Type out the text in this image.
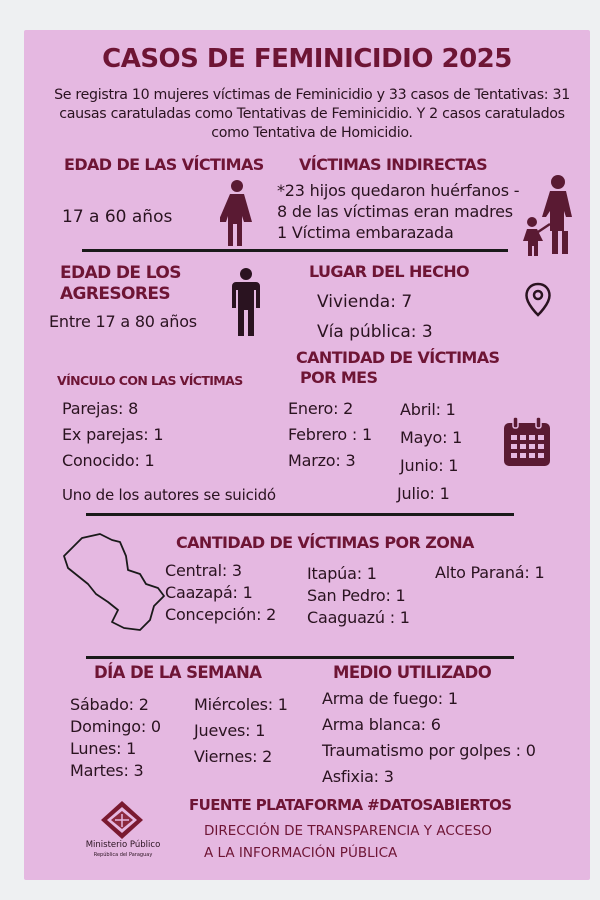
CASOS DE FEMINICIDIO 2025
Se registra 10 mujeres víctimas de Feminicidio y 33 casos de Tentativas: 31 causas caratuladas como Tentativas de Feminicidio. Y 2 casos caratulados como Tentativa de Homicidio.
EDAD DE LAS VÍCTIMAS
17 a 60 años
VÍCTIMAS INDIRECTAS
*23 hijos quedaron huérfanos -
8 de las víctimas eran madres
1 Víctima embarazada
EDAD DE LOS
AGRESORES
Entre 17 a 80 años
LUGAR DEL HECHO
Vivienda: 7
Vía pública: 3
VÍNCULO CON LAS VÍCTIMAS
Parejas: 8
Ex parejas: 1
Conocido: 1
Uno de los autores se suicidó
CANTIDAD DE VÍCTIMAS
POR MES
Enero: 2
Febrero : 1
Marzo: 3
Abril: 1
Mayo: 1
Junio: 1
Julio: 1
CANTIDAD DE VÍCTIMAS POR ZONA
Central: 3
Caazapá: 1
Concepción: 2
Itapúa: 1
San Pedro: 1
Caaguazú : 1
Alto Paraná: 1
DÍA DE LA SEMANA
Sábado: 2
Domingo: 0
Lunes: 1
Martes: 3
Miércoles: 1
Jueves: 1
Viernes: 2
MEDIO UTILIZADO
Arma de fuego: 1
Arma blanca: 6
Traumatismo por golpes : 0
Asfixia: 3
Ministerio Público
República del Paraguay
FUENTE PLATAFORMA #DATOSABIERTOS
DIRECCIÓN DE TRANSPARENCIA Y ACCESO
A LA INFORMACIÓN PÚBLICA
